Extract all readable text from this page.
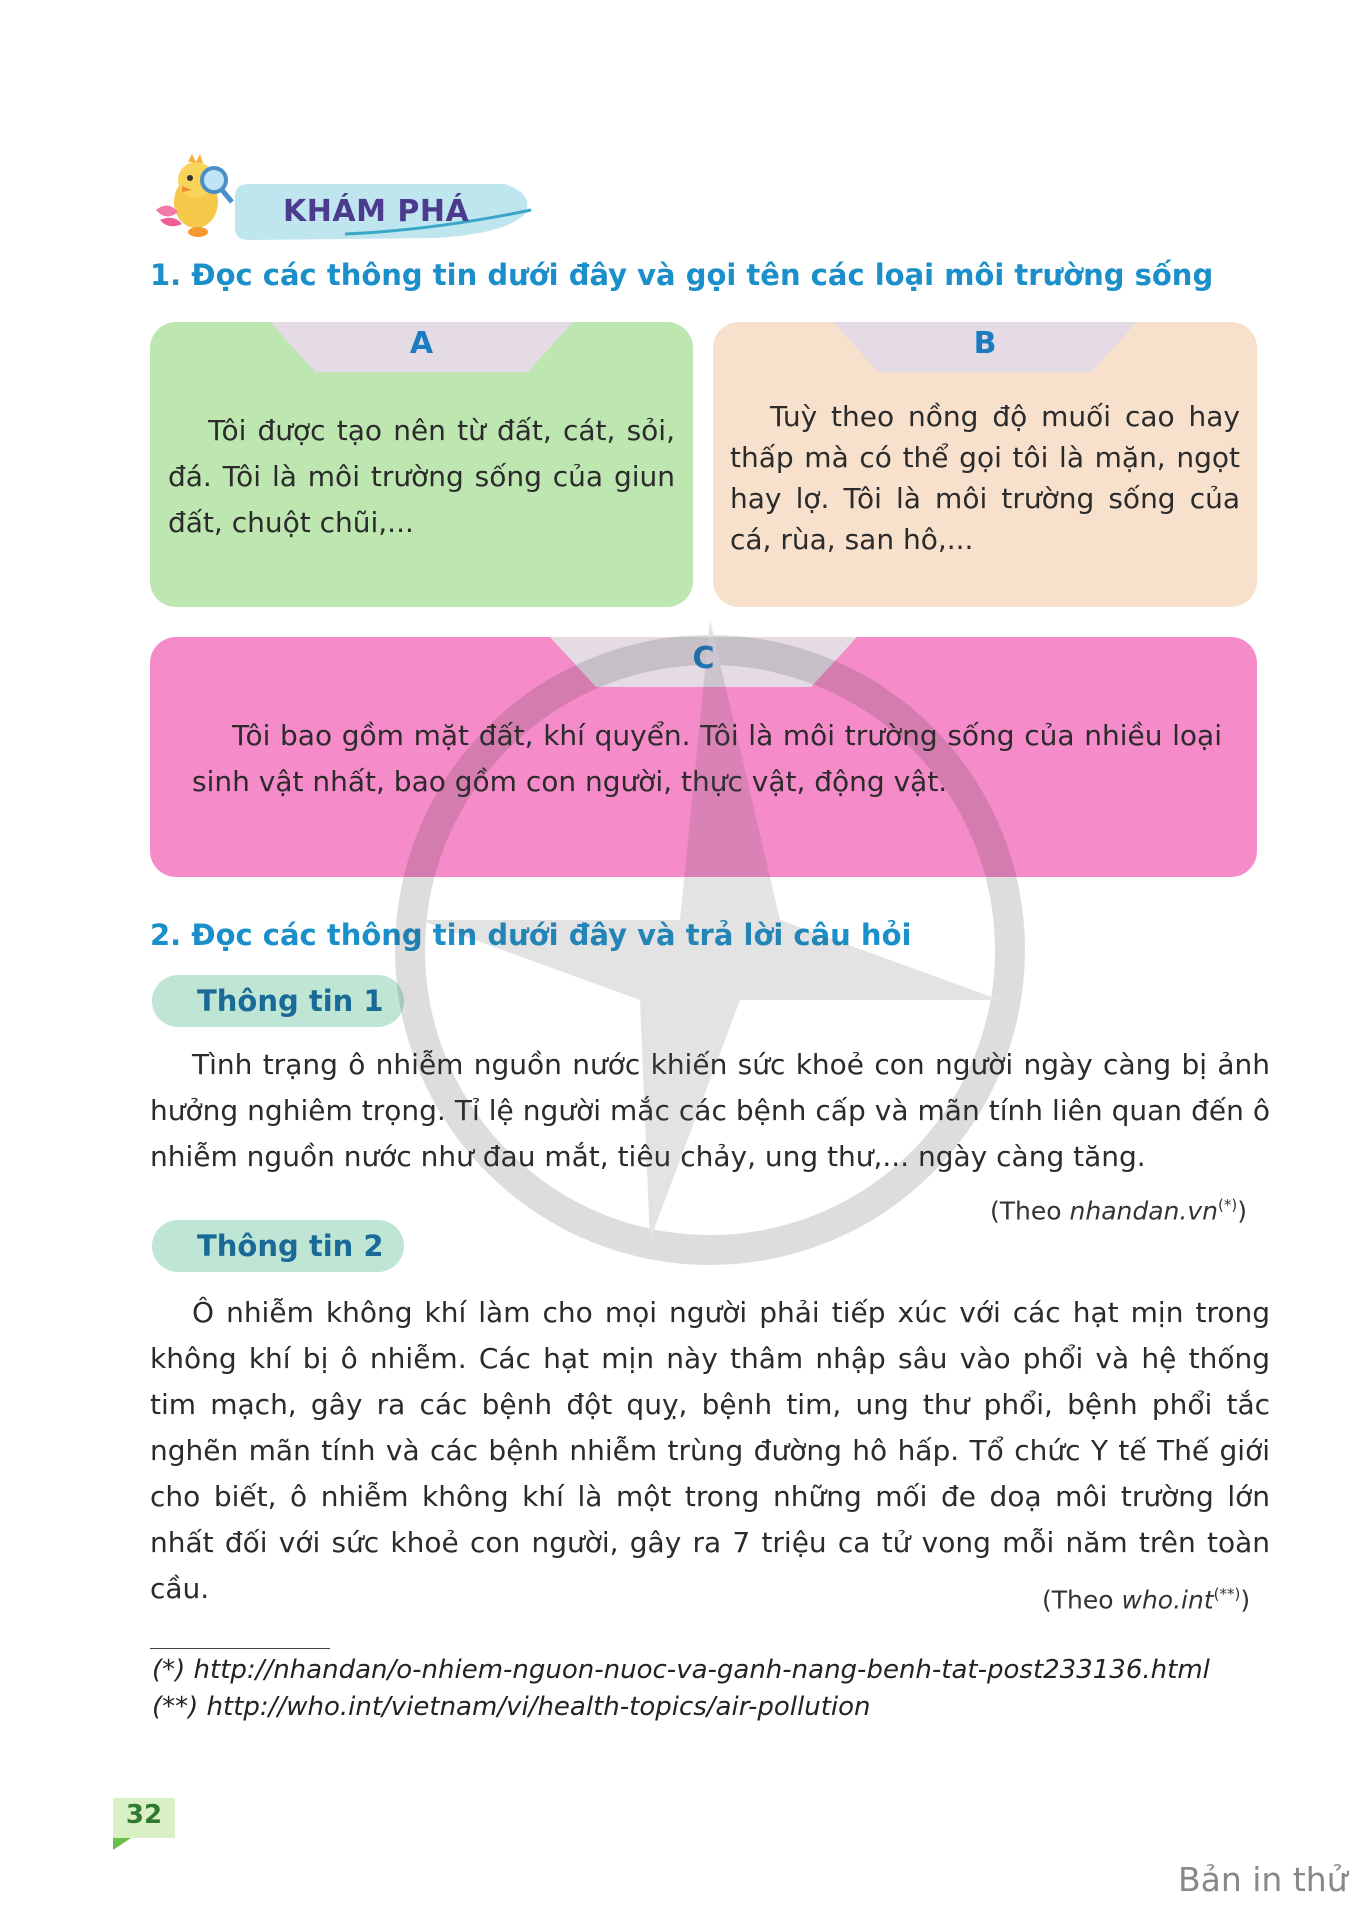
KHÁM PHÁ
1. Đọc các thông tin dưới đây và gọi tên các loại môi trường sống
A
Tôi được tạo nên từ đất, cát, sỏi, đá. Tôi là môi trường sống của giun đất, chuột chũi,...
B
Tuỳ theo nồng độ muối cao hay thấp mà có thể gọi tôi là mặn, ngọt hay lợ. Tôi là môi trường sống của cá, rùa, san hô,...
C
Tôi bao gồm mặt đất, khí quyển. Tôi là môi trường sống của nhiều loại sinh vật nhất, bao gồm con người, thực vật, động vật.
2. Đọc các thông tin dưới đây và trả lời câu hỏi
Thông tin 1
Tình trạng ô nhiễm nguồn nước khiến sức khoẻ con người ngày càng bị ảnh hưởng nghiêm trọng. Tỉ lệ người mắc các bệnh cấp và mãn tính liên quan đến ô nhiễm nguồn nước như đau mắt, tiêu chảy, ung thư,... ngày càng tăng.
(Theo nhandan.vn(*))
Thông tin 2
Ô nhiễm không khí làm cho mọi người phải tiếp xúc với các hạt mịn trong không khí bị ô nhiễm. Các hạt mịn này thâm nhập sâu vào phổi và hệ thống tim mạch, gây ra các bệnh đột quỵ, bệnh tim, ung thư phổi, bệnh phổi tắc nghẽn mãn tính và các bệnh nhiễm trùng đường hô hấp. Tổ chức Y tế Thế giới cho biết, ô nhiễm không khí là một trong những mối đe doạ môi trường lớn nhất đối với sức khoẻ con người, gây ra 7 triệu ca tử vong mỗi năm trên toàn cầu.	(Theo who.int(**))
(*) http://nhandan/o-nhiem-nguon-nuoc-va-ganh-nang-benh-tat-post233136.html
(**) http://who.int/vietnam/vi/health-topics/air-pollution
32
Bản in thử
